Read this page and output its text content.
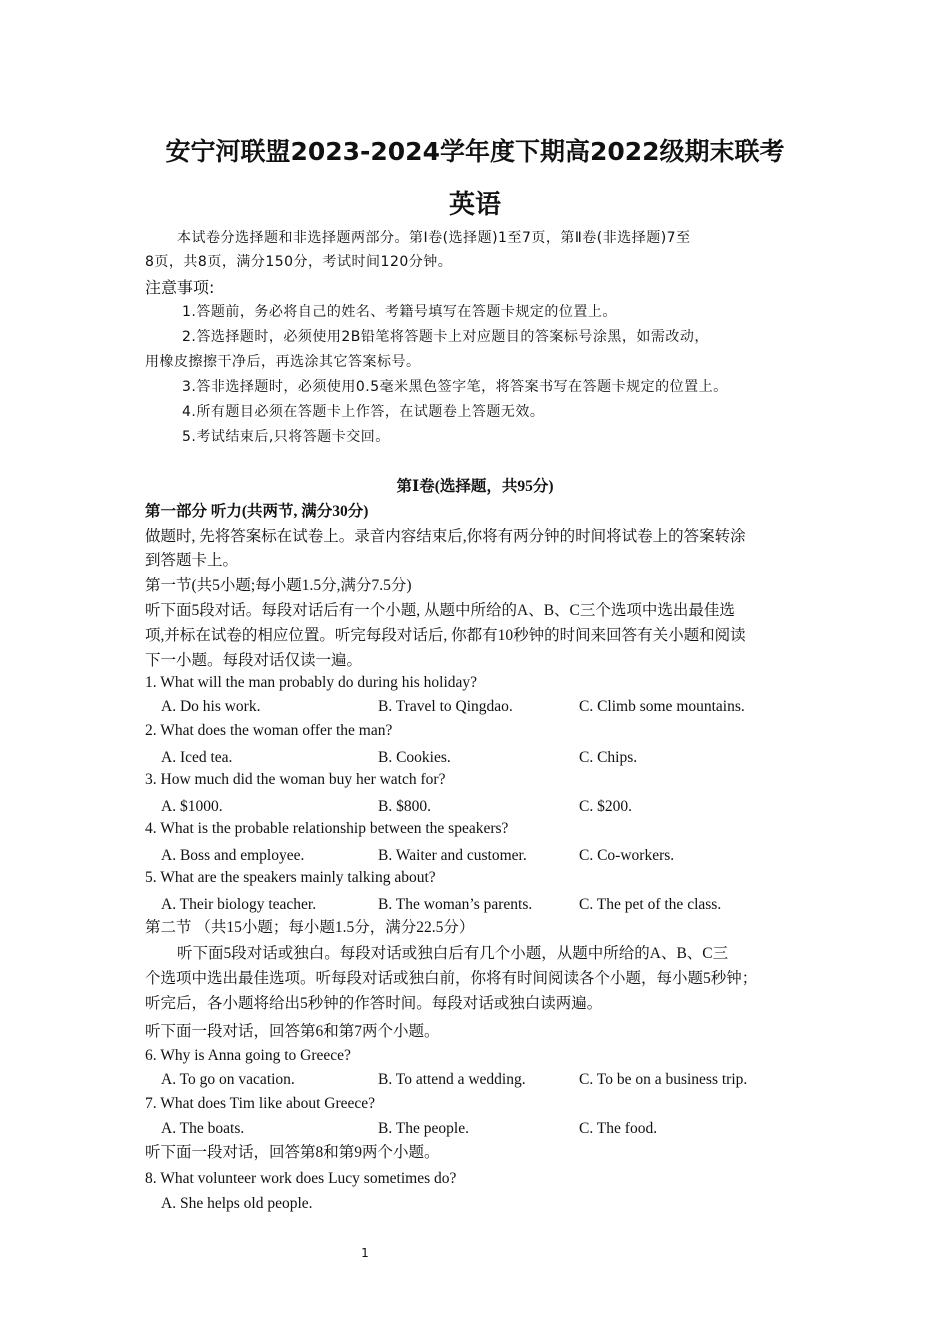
安宁河联盟2023-2024学年度下期高2022级期末联考
英语
本试卷分选择题和非选择题两部分。第Ⅰ卷(选择题)1至7页，第Ⅱ卷(非选择题)7至
8页，共8页，满分150分，考试时间120分钟。
注意事项:
1.答题前，务必将自己的姓名、考籍号填写在答题卡规定的位置上。
2.答选择题时，必须使用2B铅笔将答题卡上对应题目的答案标号涂黑，如需改动，
用橡皮擦擦干净后，再选涂其它答案标号。
3.答非选择题时，必须使用0.5毫米黑色签字笔，将答案书写在答题卡规定的位置上。
4.所有题目必须在答题卡上作答，在试题卷上答题无效。
5.考试结束后,只将答题卡交回。
第Ⅰ卷(选择题，共95分)
第一部分 听力(共两节, 满分30分)
做题时, 先将答案标在试卷上。录音内容结束后,你将有两分钟的时间将试卷上的答案转涂
到答题卡上。
第一节(共5小题;每小题1.5分,满分7.5分)
听下面5段对话。每段对话后有一个小题, 从题中所给的A、B、C三个选项中选出最佳选
项,并标在试卷的相应位置。听完每段对话后, 你都有10秒钟的时间来回答有关小题和阅读
下一小题。每段对话仅读一遍。
1. What will the man probably do during his holiday?
A. Do his work.	B. Travel to Qingdao.	C. Climb some mountains.
2. What does the woman offer the man?
A. Iced tea.	B. Cookies.	C. Chips.
3. How much did the woman buy her watch for?
A. $1000.	B. $800.	C. $200.
4. What is the probable relationship between the speakers?
A. Boss and employee.	B. Waiter and customer.	C. Co-workers.
5. What are the speakers mainly talking about?
A. Their biology teacher.	B. The woman’s parents.	C. The pet of the class.
第二节 （共15小题；每小题1.5分，满分22.5分）
听下面5段对话或独白。每段对话或独白后有几个小题，从题中所给的A、B、C三
个选项中选出最佳选项。听每段对话或独白前，你将有时间阅读各个小题，每小题5秒钟；
听完后，各小题将给出5秒钟的作答时间。每段对话或独白读两遍。
听下面一段对话，回答第6和第7两个小题。
6. Why is Anna going to Greece?
A. To go on vacation.	B. To attend a wedding.	C. To be on a business trip.
7. What does Tim like about Greece?
A. The boats.	B. The people.	C. The food.
听下面一段对话，回答第8和第9两个小题。
8. What volunteer work does Lucy sometimes do?
A. She helps old people.
1
